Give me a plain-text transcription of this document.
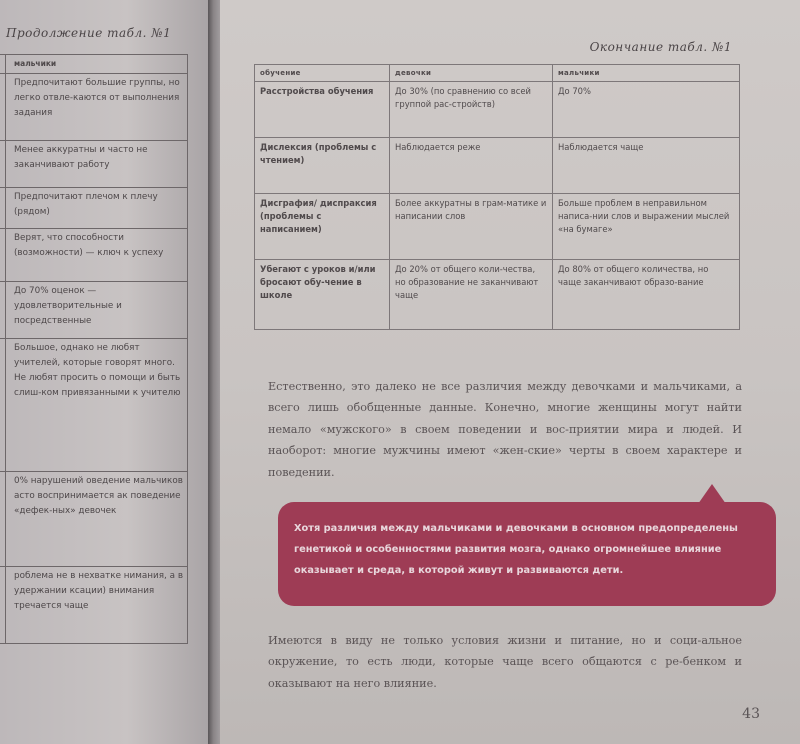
Продолжение табл. №1
	мальчики
	Предпочитают большие группы, но легко отвле-каются от выполнения задания
	Менее аккуратны и часто не заканчивают работу
	Предпочитают плечом к плечу (рядом)
	Верят, что способности (возможности) — ключ к успеху
	До 70% оценок — удовлетворительные и посредственные
	Большое, однако не любят учителей, которые говорят много. Не любят просить о помощи и быть слиш-ком привязанными к учителю
	0% нарушений оведение мальчиков асто воспринимается ак поведение «дефек-ных» девочек
	роблема не в нехватке нимания, а в удержании ксации) внимания тречается чаще
Окончание табл. №1
обучение	девочки	мальчики
Расстройства обучения	До 30% (по сравнению со всей группой рас-стройств)	До 70%
Дислексия (проблемы с чтением)	Наблюдается реже	Наблюдается чаще
Дисграфия/ диспраксия (проблемы с написанием)	Более аккуратны в грам-матике и написании слов	Больше проблем в неправильном написа-нии слов и выражении мыслей «на бумаге»
Убегают с уроков и/или бросают обу-чение в школе	До 20% от общего коли-чества, но образование не заканчивают чаще	До 80% от общего количества, но чаще заканчивают образо-вание
Естественно, это далеко не все различия между девочками и мальчиками, а всего лишь обобщенные данные. Конечно, многие женщины могут найти немало «мужского» в своем поведении и вос-приятии мира и людей. И наоборот: многие мужчины имеют «жен-ские» черты в своем характере и поведении.
Хотя различия между мальчиками и девочками в основном предопределены генетикой и особенностями развития мозга, однако огромнейшее влияние оказывает и среда, в которой живут и развиваются дети.
Имеются в виду не только условия жизни и питание, но и соци-альное окружение, то есть люди, которые чаще всего общаются с ре-бенком и оказывают на него влияние.
43
